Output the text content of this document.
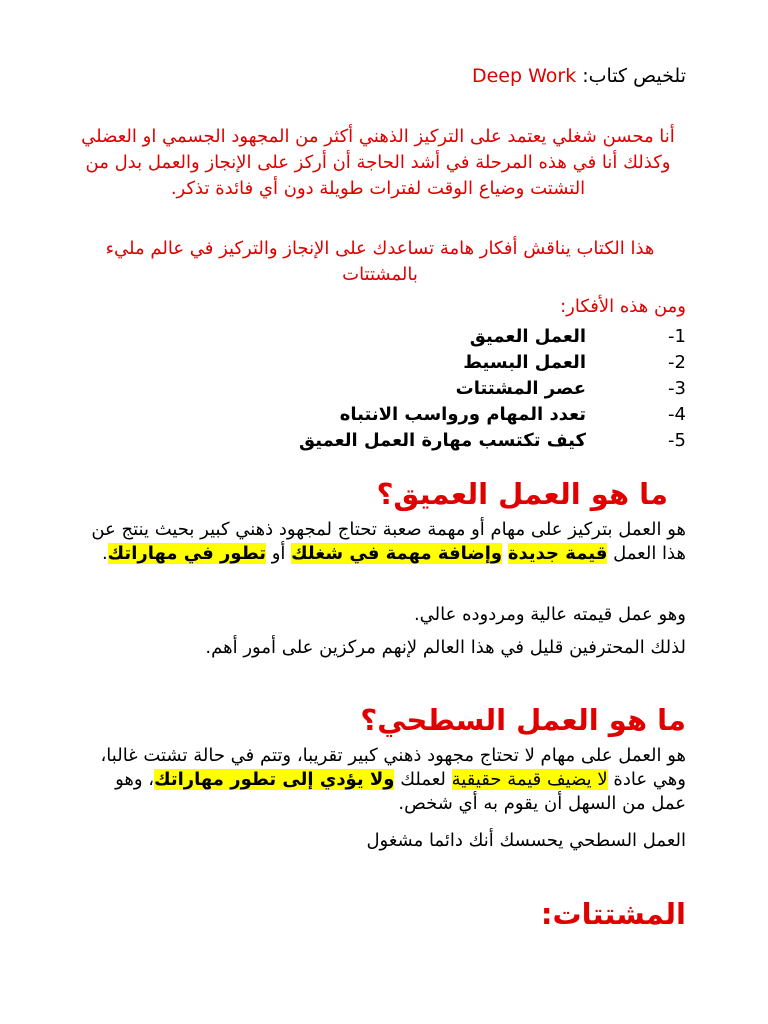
تلخيص كتاب: Deep Work
أنا محسن شغلي يعتمد على التركيز الذهني أكثر من المجهود الجسمي او العضلي وكذلك أنا في هذه المرحلة في أشد الحاجة أن أركز على الإنجاز والعمل بدل من التشتت وضياع الوقت لفترات طويلة دون أي فائدة تذكر.
هذا الكتاب يناقش أفكار هامة تساعدك على الإنجاز والتركيز في عالم مليء بالمشتتات
ومن هذه الأفكار:
1-العمل العميق
2-العمل البسيط
3-عصر المشتتات
4-تعدد المهام ورواسب الانتباه
5-كيف تكتسب مهارة العمل العميق
ما هو العمل العميق؟
هو العمل بتركيز على مهام أو مهمة صعبة تحتاج لمجهود ذهني كبير بحيث ينتج عن هذا العمل قيمة جديدة وإضافة مهمة في شغلك أو تطور في مهاراتك.
وهو عمل قيمته عالية ومردوده عالي.
لذلك المحترفين قليل في هذا العالم لإنهم مركزين على أمور أهم.
ما هو العمل السطحي؟
هو العمل على مهام لا تحتاج مجهود ذهني كبير تقريبا، وتتم في حالة تشتت غالبا، وهي عادة لا يضيف قيمة حقيقية لعملك ولا يؤدي إلى تطور مهاراتك، وهو عمل من السهل أن يقوم به أي شخص.
العمل السطحي يحسسك أنك دائما مشغول
المشتتات:
